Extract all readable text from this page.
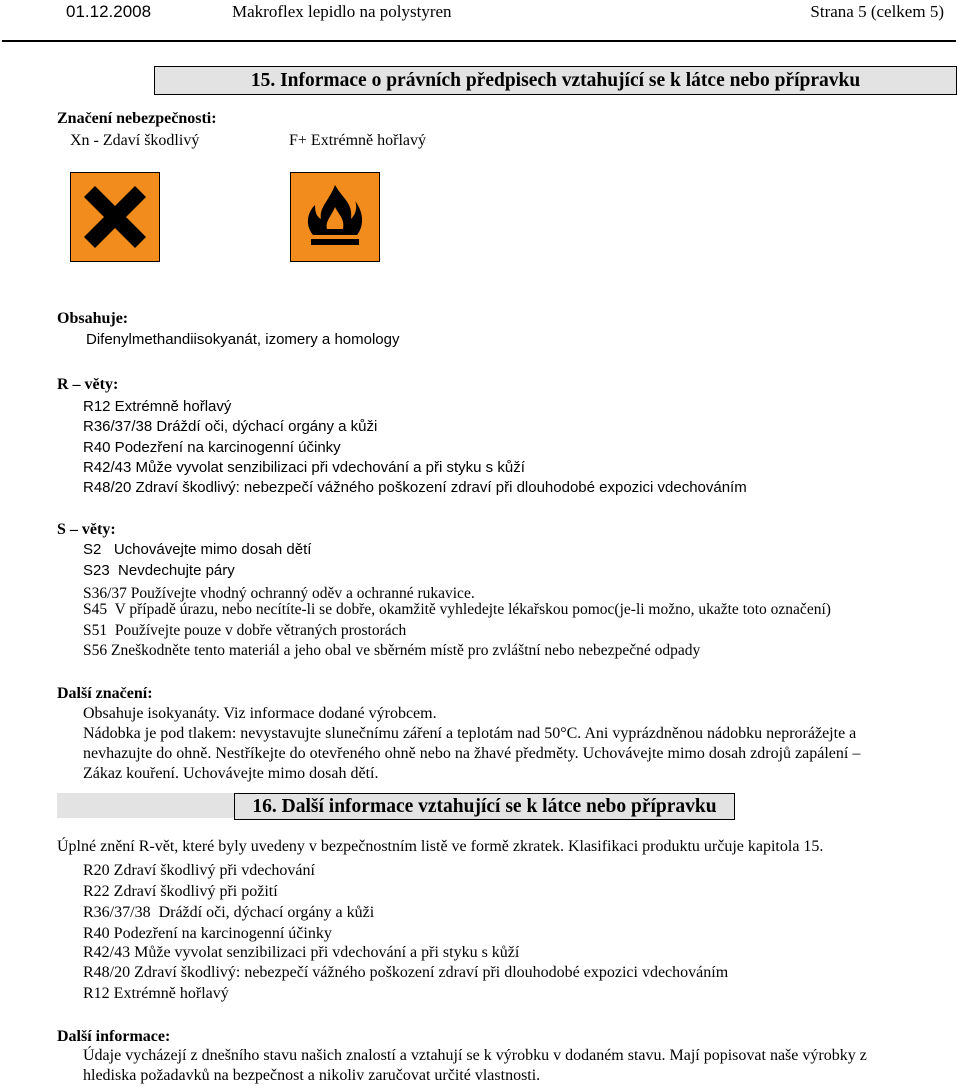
01.12.2008	Makroflex lepidlo na polystyren	Strana 5 (celkem 5)
15. Informace o právních předpisech vztahující se k látce nebo přípravku
Značení nebezpečnosti:
Xn - Zdaví škodlivý	F+ Extrémně hořlavý
Obsahuje:
Difenylmethandiisokyanát, izomery a homology
R – věty:
R12 Extrémně hořlavý
R36/37/38 Dráždí oči, dýchací orgány a kůži
R40 Podezření na karcinogenní účinky
R42/43 Může vyvolat senzibilizaci při vdechování a při styku s kůží
R48/20 Zdraví škodlivý: nebezpečí vážného poškození zdraví při dlouhodobé expozici vdechováním
S – věty:
S2   Uchovávejte mimo dosah dětí
S23  Nevdechujte páry
S36/37 Používejte vhodný ochranný oděv a ochranné rukavice.
S45  V případě úrazu, nebo necítíte-li se dobře, okamžitě vyhledejte lékařskou pomoc(je-li možno, ukažte toto označení)
S51  Používejte pouze v dobře větraných prostorách
S56 Zneškodněte tento materiál a jeho obal ve sběrném místě pro zvláštní nebo nebezpečné odpady
Další značení:
Obsahuje isokyanáty. Viz informace dodané výrobcem.
Nádobka je pod tlakem: nevystavujte slunečnímu záření a teplotám nad 50°C. Ani vyprázdněnou nádobku neprorážejte a
nevhazujte do ohně. Nestříkejte do otevřeného ohně nebo na žhavé předměty. Uchovávejte mimo dosah zdrojů zapálení –
Zákaz kouření. Uchovávejte mimo dosah dětí.
16. Další informace vztahující se k látce nebo přípravku
Úplné znění R-vět, které byly uvedeny v bezpečnostním listě ve formě zkratek. Klasifikaci produktu určuje kapitola 15.
R20 Zdraví škodlivý při vdechování
R22 Zdraví škodlivý při požití
R36/37/38  Dráždí oči, dýchací orgány a kůži
R40 Podezření na karcinogenní účinky
R42/43 Může vyvolat senzibilizaci při vdechování a při styku s kůží
R48/20 Zdraví škodlivý: nebezpečí vážného poškození zdraví při dlouhodobé expozici vdechováním
R12 Extrémně hořlavý
Další informace:
Údaje vycházejí z dnešního stavu našich znalostí a vztahují se k výrobku v dodaném stavu. Mají popisovat naše výrobky z
hlediska požadavků na bezpečnost a nikoliv zaručovat určité vlastnosti.
